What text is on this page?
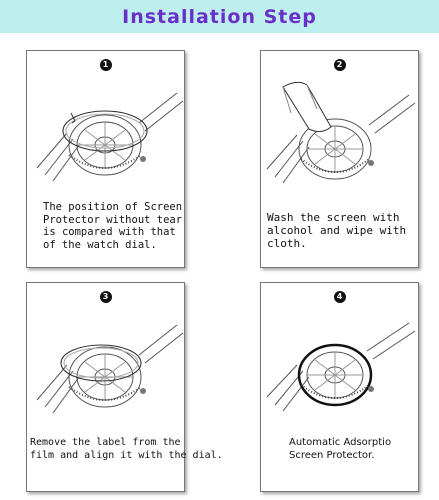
Installation Step
1
The position of Screen
Protector without tear
is compared with that
of the watch dial.
2
Wash the screen with
alcohol and wipe with
cloth.
3
Remove the label from the
film and align it with the dial.
4
Automatic Adsorptio
Screen Protector.
